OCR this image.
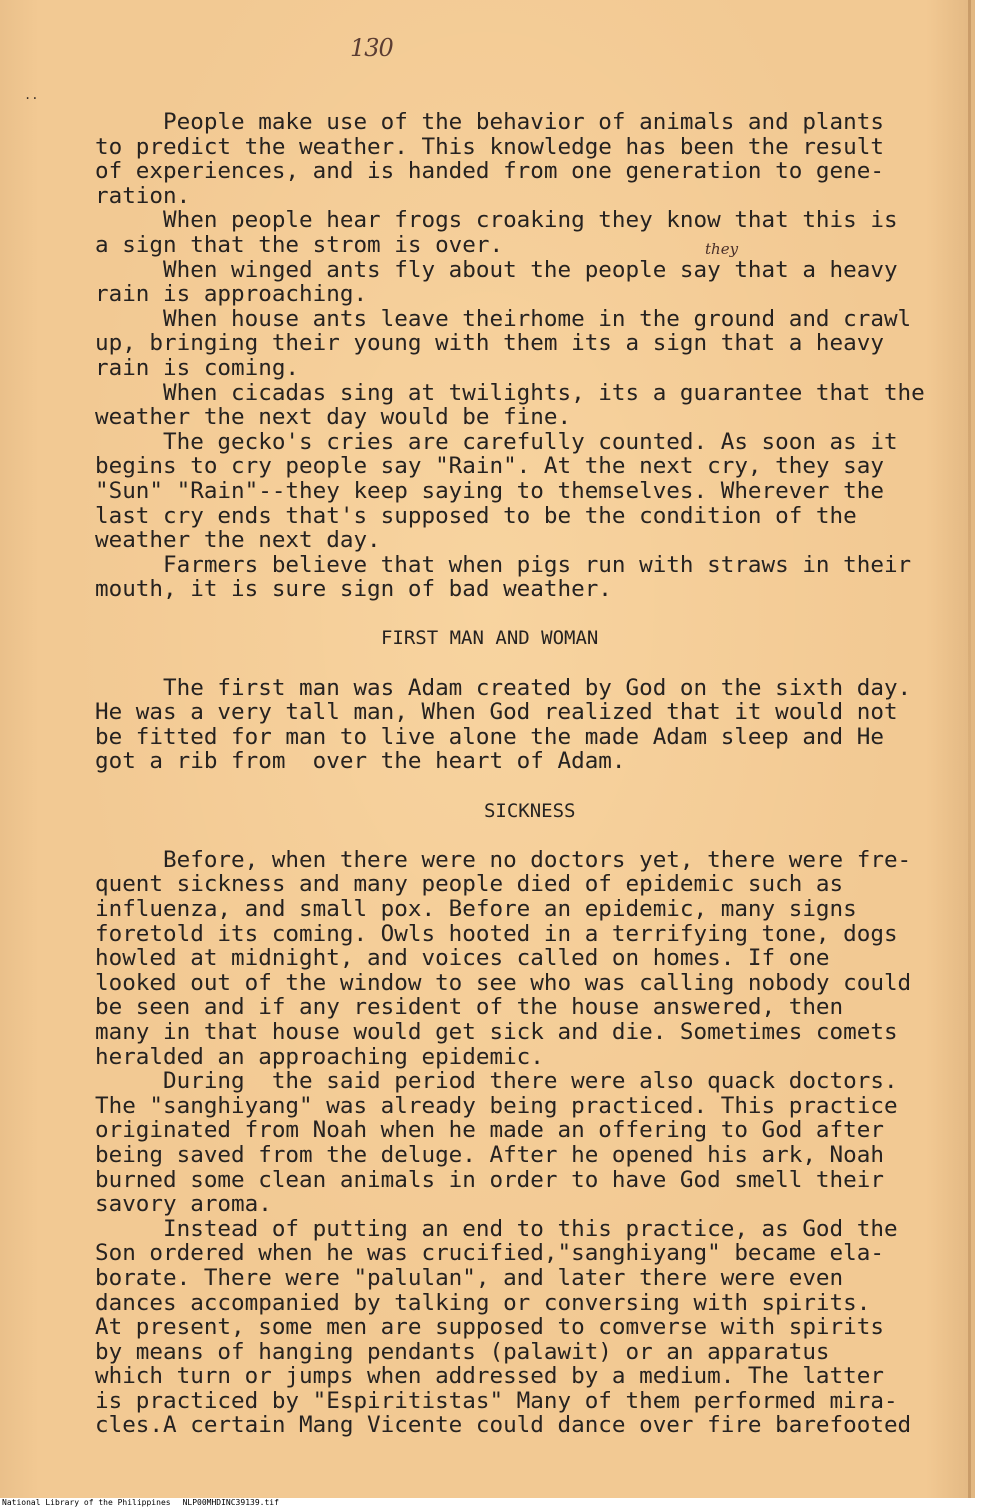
130

..

they

People make use of the behavior of animals and plants

to predict the weather. This knowledge has been the result

of experiences, and is handed from one generation to gene-

ration.

When people hear frogs croaking they know that this is

a sign that the strom is over.

When winged ants fly about the people say that a heavy

rain is approaching.

When house ants leave theirhome in the ground and crawl

up, bringing their young with them its a sign that a heavy

rain is coming.

When cicadas sing at twilights, its a guarantee that the

weather the next day would be fine.

The gecko's cries are carefully counted. As soon as it

begins to cry people say "Rain". At the next cry, they say

"Sun" "Rain"--they keep saying to themselves. Wherever the

last cry ends that's supposed to be the condition of the

weather the next day.

Farmers believe that when pigs run with straws in their

mouth, it is sure sign of bad weather.

FIRST MAN AND WOMAN

The first man was Adam created by God on the sixth day.

He was a very tall man, When God realized that it would not

be fitted for man to live alone the made Adam sleep and He

got a rib from  over the heart of Adam.

SICKNESS

Before, when there were no doctors yet, there were fre-

quent sickness and many people died of epidemic such as

influenza, and small pox. Before an epidemic, many signs

foretold its coming. Owls hooted in a terrifying tone, dogs

howled at midnight, and voices called on homes. If one

looked out of the window to see who was calling nobody could

be seen and if any resident of the house answered, then

many in that house would get sick and die. Sometimes comets

heralded an approaching epidemic.

During  the said period there were also quack doctors.

The "sanghiyang" was already being practiced. This practice

originated from Noah when he made an offering to God after

being saved from the deluge. After he opened his ark, Noah

burned some clean animals in order to have God smell their

savory aroma.

Instead of putting an end to this practice, as God the

Son ordered when he was crucified,"sanghiyang" became ela-

borate. There were "palulan", and later there were even

dances accompanied by talking or conversing with spirits.

At present, some men are supposed to comverse with spirits

by means of hanging pendants (palawit) or an apparatus

which turn or jumps when addressed by a medium. The latter

is practiced by "Espiritistas" Many of them performed mira-

cles.A certain Mang Vicente could dance over fire barefooted

National Library of the Philippines NLP00MHDINC39139.tif
